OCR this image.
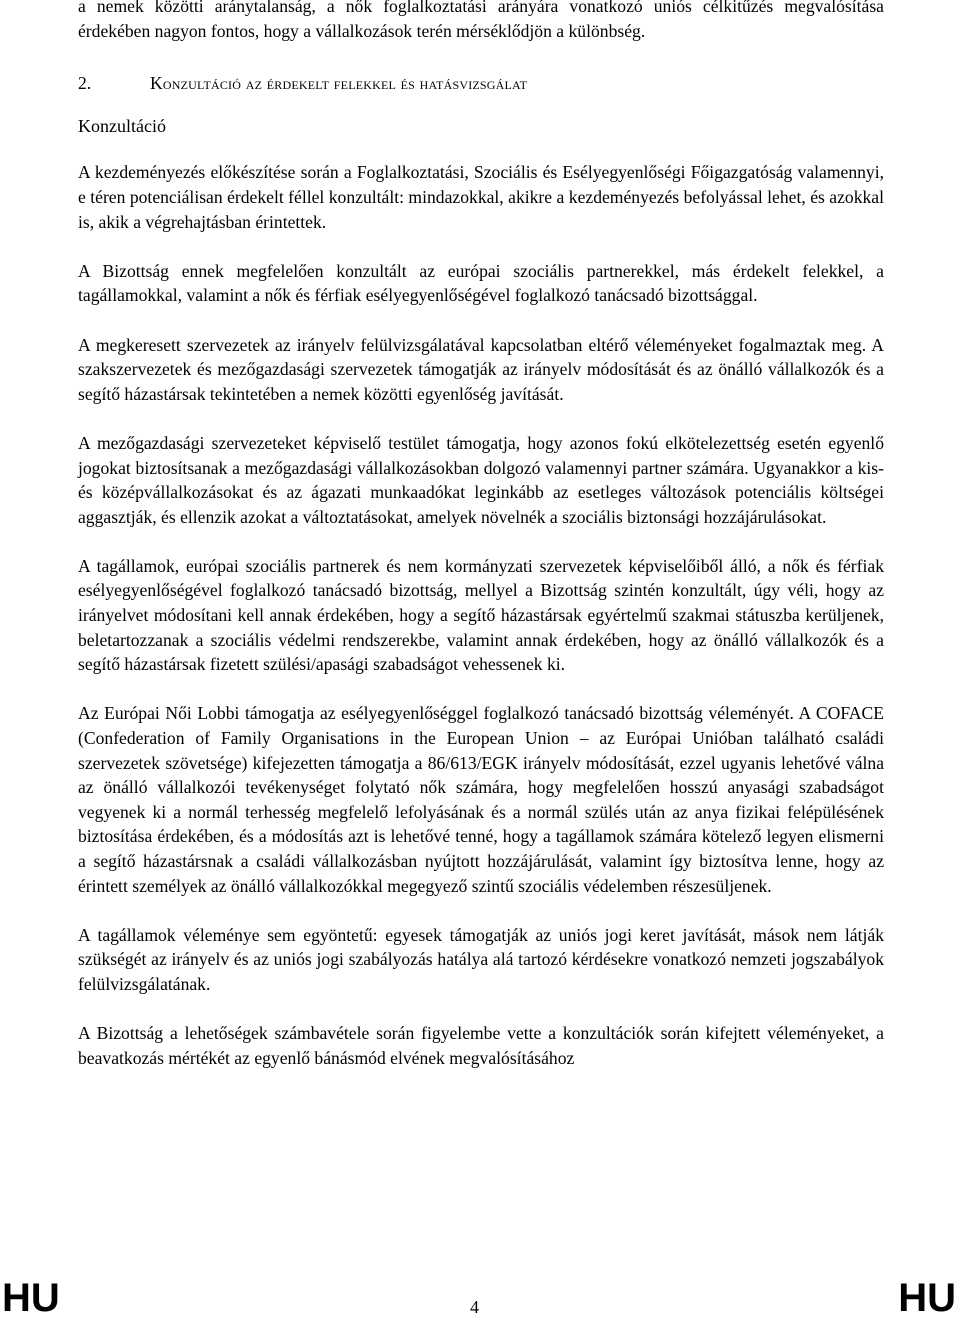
a nemek közötti aránytalanság, a nők foglalkoztatási arányára vonatkozó uniós célkitűzés megvalósítása érdekében nagyon fontos, hogy a vállalkozások terén mérséklődjön a különbség.

2.	Konzultáció az érdekelt felekkel és hatásvizsgálat
Konzultáció

A kezdeményezés előkészítése során a Foglalkoztatási, Szociális és Esélyegyenlőségi Főigazgatóság valamennyi, e téren potenciálisan érdekelt féllel konzultált: mindazokkal, akikre a kezdeményezés befolyással lehet, és azokkal is, akik a végrehajtásban érintettek.

A Bizottság ennek megfelelően konzultált az európai szociális partnerekkel, más érdekelt felekkel, a tagállamokkal, valamint a nők és férfiak esélyegyenlőségével foglalkozó tanácsadó bizottsággal.

A megkeresett szervezetek az irányelv felülvizsgálatával kapcsolatban eltérő véleményeket fogalmaztak meg. A szakszervezetek és mezőgazdasági szervezetek támogatják az irányelv módosítását és az önálló vállalkozók és a segítő házastársak tekintetében a nemek közötti egyenlőség javítását.

A mezőgazdasági szervezeteket képviselő testület támogatja, hogy azonos fokú elkötelezettség esetén egyenlő jogokat biztosítsanak a mezőgazdasági vállalkozásokban dolgozó valamennyi partner számára. Ugyanakkor a kis- és középvállalkozásokat és az ágazati munkaadókat leginkább az esetleges változások potenciális költségei aggasztják, és ellenzik azokat a változtatásokat, amelyek növelnék a szociális biztonsági hozzájárulásokat.

A tagállamok, európai szociális partnerek és nem kormányzati szervezetek képviselőiből álló, a nők és férfiak esélyegyenlőségével foglalkozó tanácsadó bizottság, mellyel a Bizottság szintén konzultált, úgy véli, hogy az irányelvet módosítani kell annak érdekében, hogy a segítő házastársak egyértelmű szakmai státuszba kerüljenek, beletartozzanak a szociális védelmi rendszerekbe, valamint annak érdekében, hogy az önálló vállalkozók és a segítő házastársak fizetett szülési/apasági szabadságot vehessenek ki.

Az Európai Női Lobbi támogatja az esélyegyenlőséggel foglalkozó tanácsadó bizottság véleményét. A COFACE (Confederation of Family Organisations in the European Union – az Európai Unióban található családi szervezetek szövetsége) kifejezetten támogatja a 86/613/EGK irányelv módosítását, ezzel ugyanis lehetővé válna az önálló vállalkozói tevékenységet folytató nők számára, hogy megfelelően hosszú anyasági szabadságot vegyenek ki a normál terhesség megfelelő lefolyásának és a normál szülés után az anya fizikai felépülésének biztosítása érdekében, és a módosítás azt is lehetővé tenné, hogy a tagállamok számára kötelező legyen elismerni a segítő házastársnak a családi vállalkozásban nyújtott hozzájárulását, valamint így biztosítva lenne, hogy az érintett személyek az önálló vállalkozókkal megegyező szintű szociális védelemben részesüljenek.

A tagállamok véleménye sem egyöntetű: egyesek támogatják az uniós jogi keret javítását, mások nem látják szükségét az irányelv és az uniós jogi szabályozás hatálya alá tartozó kérdésekre vonatkozó nemzeti jogszabályok felülvizsgálatának.

A Bizottság a lehetőségek számbavétele során figyelembe vette a konzultációk során kifejtett véleményeket, a beavatkozás mértékét az egyenlő bánásmód elvének megvalósításához

HU	4	HU
